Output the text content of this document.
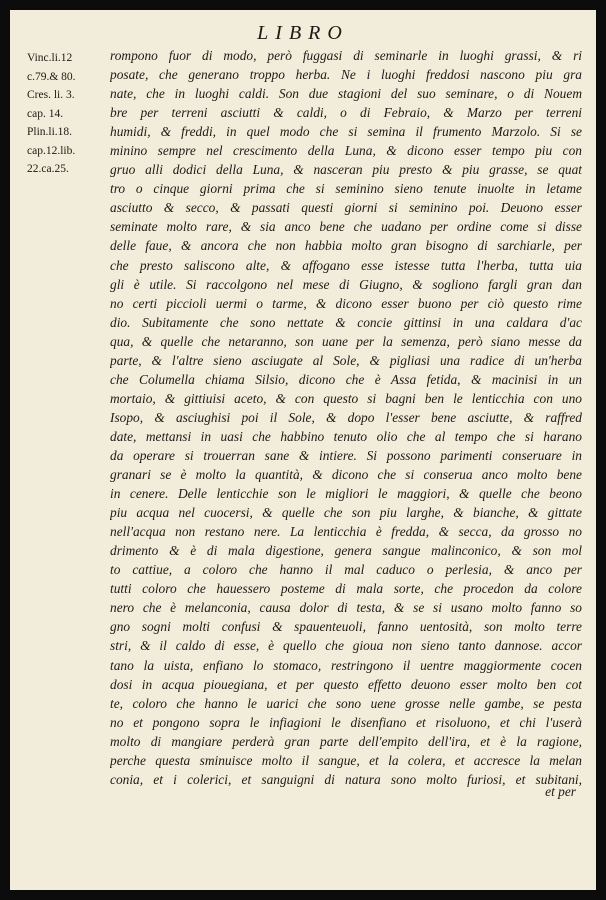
LIBRO
Vinc.li.12
c.79.& 80.
Cres. li. 3.
cap. 14.
Plin.li.18.
cap.12.lib.
22.ca.25.
rompono fuor di modo, però fuggasi di seminarle in luoghi grassi, & ri
posate, che generano troppo herba. Ne i luoghi freddosi nascono piu gra
nate, che in luoghi caldi. Son due stagioni del suo seminare, o di Nouem
bre per terreni asciutti & caldi, o di Febraio, & Marzo per terreni
humidi, & freddi, in quel modo che si semina il frumento Marzolo. Si se
minino sempre nel crescimento della Luna, & dicono esser tempo piu con
gruo alli dodici della Luna, & nasceran piu presto & piu grasse, se quat
tro o cinque giorni prima che si seminino sieno tenute inuolte in letame
asciutto & secco, & passati questi giorni si seminino poi. Deuono esser
seminate molto rare, & sia anco bene che uadano per ordine come si disse
delle faue, & ancora che non habbia molto gran bisogno di sarchiarle, per
che presto saliscono alte, & affogano esse istesse tutta l'herba, tutta uia
gli è utile. Si raccolgono nel mese di Giugno, & sogliono fargli gran dan
no certi piccioli uermi o tarme, & dicono esser buono per ciò questo rime
dio. Subitamente che sono nettate & concie gittinsi in una caldara d'ac
qua, & quelle che netaranno, son uane per la semenza, però siano messe da
parte, & l'altre sieno asciugate al Sole, & pigliasi una radice di un'herba
che Columella chiama Silsio, dicono che è Assa fetida, & macinisi in un
mortaio, & gittiuisi aceto, & con questo si bagni ben le lenticchia con uno
Isopo, & asciughisi poi il Sole, & dopo l'esser bene asciutte, & raffred
date, mettansi in uasi che habbino tenuto olio che al tempo che si harano
da operare si trouerran sane & intiere. Si possono parimenti conseruare in
granari se è molto la quantità, & dicono che si conserua anco molto bene
in cenere. Delle lenticchie son le migliori le maggiori, & quelle che beono
piu acqua nel cuocersi, & quelle che son piu larghe, & bianche, & gittate
nell'acqua non restano nere. La lenticchia è fredda, & secca, da grosso no
drimento & è di mala digestione, genera sangue malinconico, & son mol
to cattiue, a coloro che hanno il mal caduco o perlesia, & anco per
tutti coloro che hauessero posteme di mala sorte, che procedon da colore
nero che è melanconia, causa dolor di testa, & se si usano molto fanno so
gno sogni molti confusi & spauenteuoli, fanno uentosità, son molto terre
stri, & il caldo di esse, è quello che gioua non sieno tanto dannose. accor
tano la uista, enfiano lo stomaco, restringono il uentre maggiormente cocen
dosi in acqua piouegiana, et per questo effetto deuono esser molto ben cot
te, coloro che hanno le uarici che sono uene grosse nelle gambe, se pesta
no et pongono sopra le infiagioni le disenfiano et risoluono, et chi l'userà
molto di mangiare perderà gran parte dell'empito dell'ira, et è la ragione,
perche questa sminuisce molto il sangue, et la colera, et accresce la melan
conia, et i colerici, et sanguigni di natura sono molto furiosi, et subitani,
et per
